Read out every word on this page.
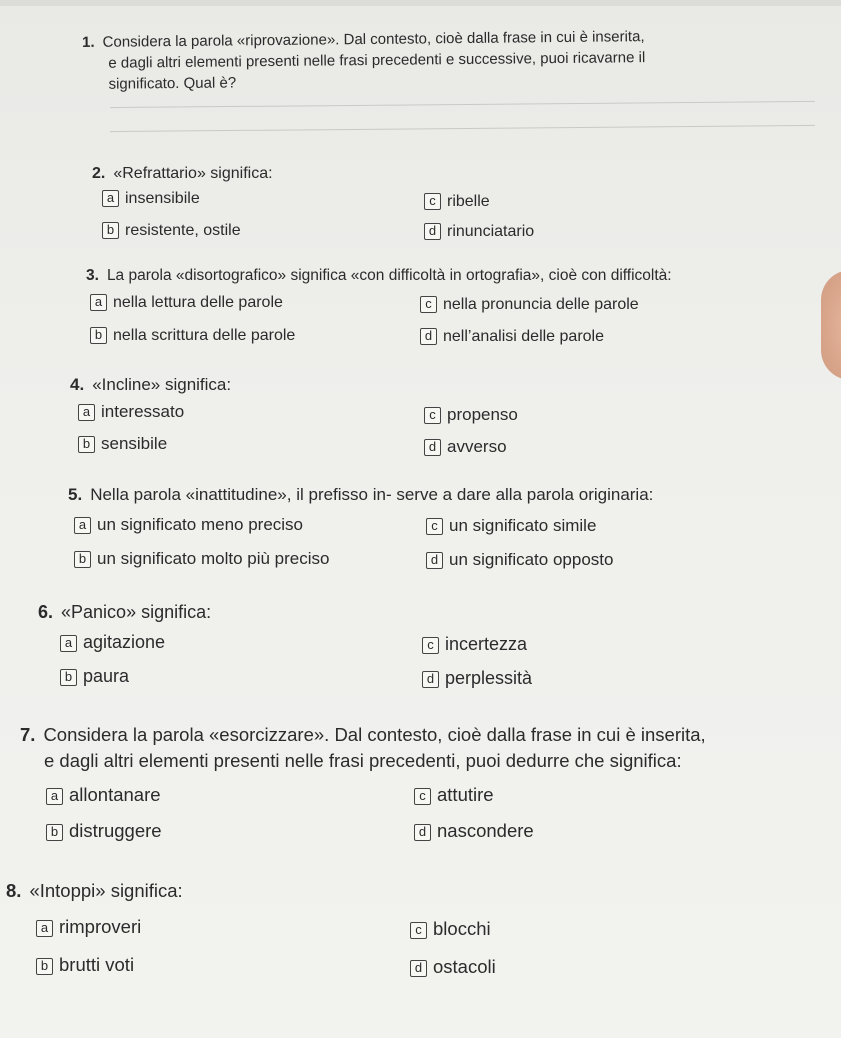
1. Considera la parola «riprovazione». Dal contesto, cioè dalla frase in cui è inserita,
e dagli altri elementi presenti nelle frasi precedenti e successive, puoi ricavarne il
significato. Qual è?
2. «Refrattario» significa:
a insensibile
b resistente, ostile
c ribelle
d rinunciatario
3. La parola «disortografico» significa «con difficoltà in ortografia», cioè con difficoltà:
a nella lettura delle parole
b nella scrittura delle parole
c nella pronuncia delle parole
d nell’analisi delle parole
4. «Incline» significa:
a interessato
b sensibile
c propenso
d avverso
5. Nella parola «inattitudine», il prefisso in- serve a dare alla parola originaria:
a un significato meno preciso
b un significato molto più preciso
c un significato simile
d un significato opposto
6. «Panico» significa:
a agitazione
b paura
c incertezza
d perplessità
7. Considera la parola «esorcizzare». Dal contesto, cioè dalla frase in cui è inserita,
e dagli altri elementi presenti nelle frasi precedenti, puoi dedurre che significa:
a allontanare
b distruggere
c attutire
d nascondere
8. «Intoppi» significa:
a rimproveri
b brutti voti
c blocchi
d ostacoli
